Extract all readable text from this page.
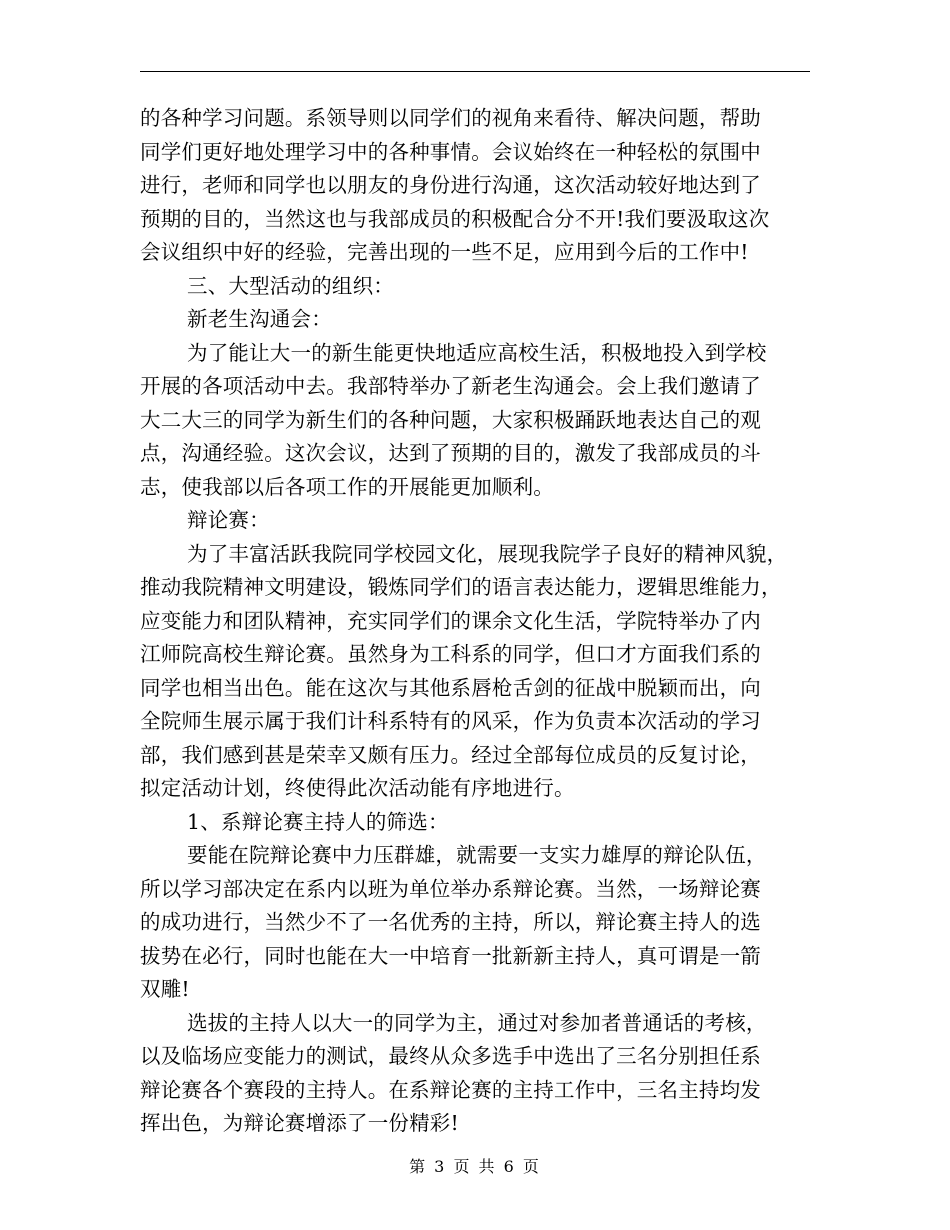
的各种学习问题。系领导则以同学们的视角来看待、解决问题，帮助
同学们更好地处理学习中的各种事情。会议始终在一种轻松的氛围中
进行，老师和同学也以朋友的身份进行沟通，这次活动较好地达到了
预期的目的，当然这也与我部成员的积极配合分不开!我们要汲取这次
会议组织中好的经验，完善出现的一些不足，应用到今后的工作中!
三、大型活动的组织：
新老生沟通会：
为了能让大一的新生能更快地适应高校生活，积极地投入到学校
开展的各项活动中去。我部特举办了新老生沟通会。会上我们邀请了
大二大三的同学为新生们的各种问题，大家积极踊跃地表达自己的观
点，沟通经验。这次会议，达到了预期的目的，激发了我部成员的斗
志，使我部以后各项工作的开展能更加顺利。
辩论赛：
为了丰富活跃我院同学校园文化，展现我院学子良好的精神风貌，
推动我院精神文明建设，锻炼同学们的语言表达能力，逻辑思维能力，
应变能力和团队精神，充实同学们的课余文化生活，学院特举办了内
江师院高校生辩论赛。虽然身为工科系的同学，但口才方面我们系的
同学也相当出色。能在这次与其他系唇枪舌剑的征战中脱颖而出，向
全院师生展示属于我们计科系特有的风采，作为负责本次活动的学习
部，我们感到甚是荣幸又颇有压力。经过全部每位成员的反复讨论，
拟定活动计划，终使得此次活动能有序地进行。
1、系辩论赛主持人的筛选：
要能在院辩论赛中力压群雄，就需要一支实力雄厚的辩论队伍，
所以学习部决定在系内以班为单位举办系辩论赛。当然，一场辩论赛
的成功进行，当然少不了一名优秀的主持，所以，辩论赛主持人的选
拔势在必行，同时也能在大一中培育一批新新主持人，真可谓是一箭
双雕!
选拔的主持人以大一的同学为主，通过对参加者普通话的考核，
以及临场应变能力的测试，最终从众多选手中选出了三名分别担任系
辩论赛各个赛段的主持人。在系辩论赛的主持工作中，三名主持均发
挥出色，为辩论赛增添了一份精彩!
第 3 页 共 6 页
